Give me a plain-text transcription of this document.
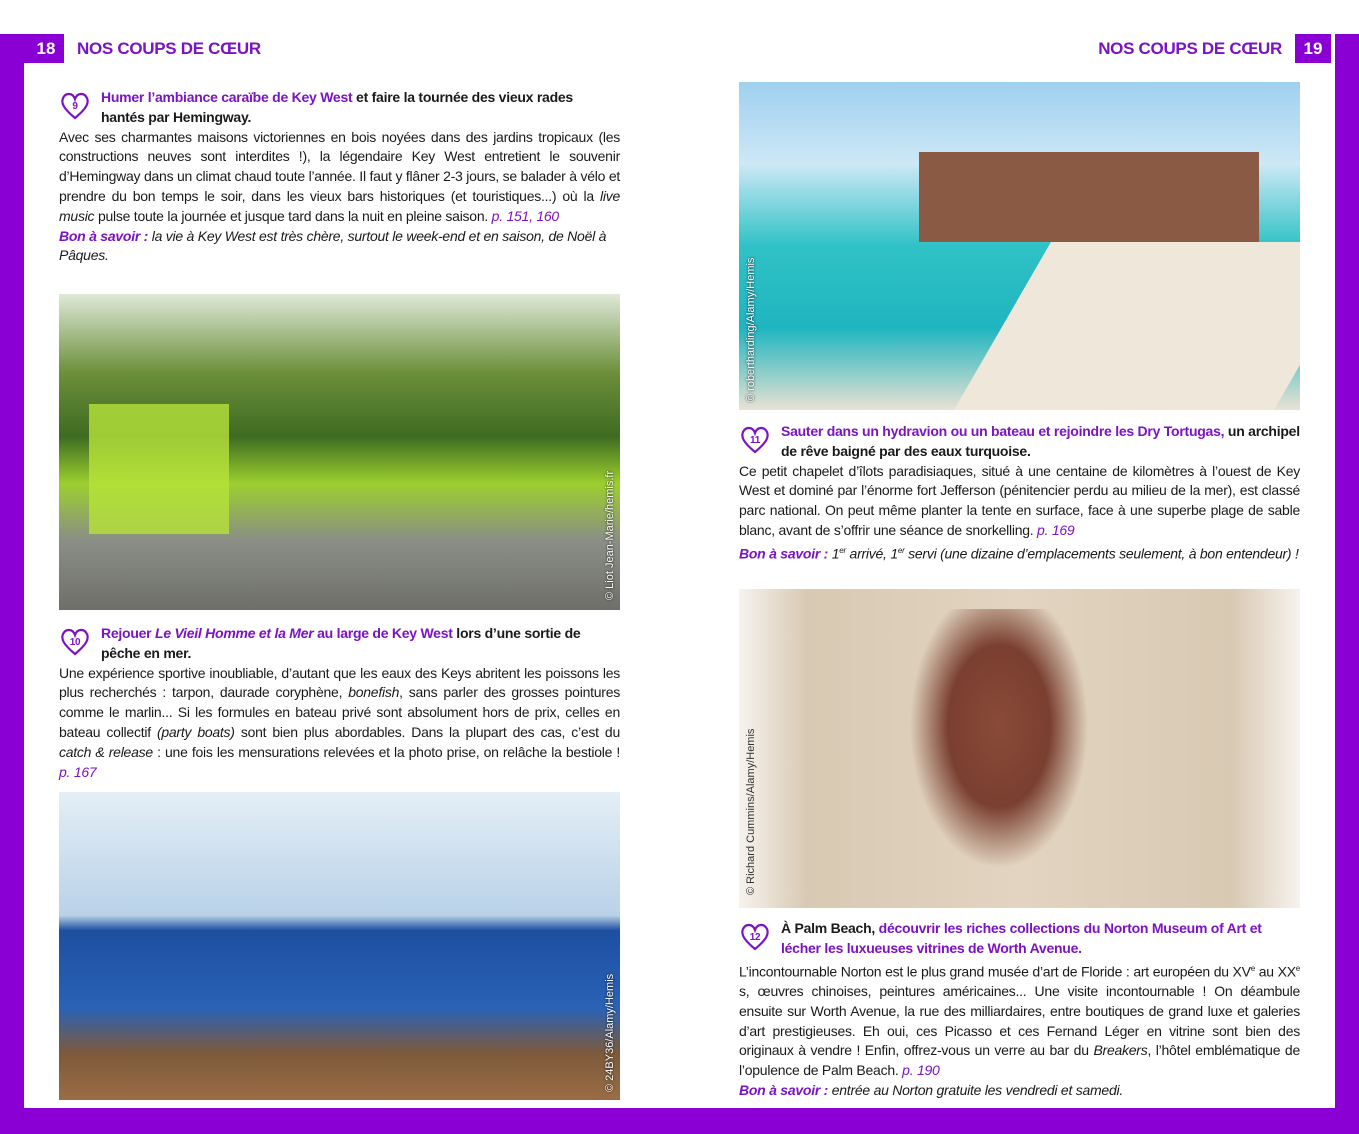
18	NOS COUPS DE CŒUR	NOS COUPS DE CŒUR	19
9
Humer l’ambiance caraïbe de Key West et faire la tournée des vieux rades hantés par Hemingway.
Avec ses charmantes maisons victoriennes en bois noyées dans des jardins tropicaux (les constructions neuves sont interdites !), la légendaire Key West entretient le souvenir d’Hemingway dans un climat chaud toute l’année. Il faut y flâner 2-3 jours, se balader à vélo et prendre du bon temps le soir, dans les vieux bars historiques (et touristiques...) où la live music pulse toute la journée et jusque tard dans la nuit en pleine saison. p. 151, 160
Bon à savoir : la vie à Key West est très chère, surtout le week-end et en saison, de Noël à Pâques.
© Liot Jean-Marie/hemis.fr
10
Rejouer Le Vieil Homme et la Mer au large de Key West lors d’une sortie de pêche en mer.
Une expérience sportive inoubliable, d’autant que les eaux des Keys abritent les poissons les plus recherchés : tarpon, daurade coryphène, bonefish, sans parler des grosses pointures comme le marlin... Si les formules en bateau privé sont absolument hors de prix, celles en bateau collectif (party boats) sont bien plus abordables. Dans la plupart des cas, c’est du catch & release : une fois les mensurations relevées et la photo prise, on relâche la bestiole ! p. 167
© 24BY36/Alamy/Hemis
© robertharding/Alamy/Hemis
11
Sauter dans un hydravion ou un bateau et rejoindre les Dry Tortugas, un archipel de rêve baigné par des eaux turquoise.
Ce petit chapelet d’îlots paradisiaques, situé à une centaine de kilomètres à l’ouest de Key West et dominé par l’énorme fort Jefferson (pénitencier perdu au milieu de la mer), est classé parc national. On peut même planter la tente en surface, face à une superbe plage de sable blanc, avant de s’offrir une séance de snorkelling. p. 169
Bon à savoir : 1er arrivé, 1er servi (une dizaine d’emplacements seulement, à bon entendeur) !
© Richard Cummins/Alamy/Hemis
12
À Palm Beach, découvrir les riches collections du Norton Museum of Art et lécher les luxueuses vitrines de Worth Avenue.
L’incontournable Norton est le plus grand musée d’art de Floride : art européen du XVe au XXe s, œuvres chinoises, peintures américaines... Une visite incontournable ! On déambule ensuite sur Worth Avenue, la rue des milliardaires, entre boutiques de grand luxe et galeries d’art prestigieuses. Eh oui, ces Picasso et ces Fernand Léger en vitrine sont bien des originaux à vendre ! Enfin, offrez-vous un verre au bar du Breakers, l’hôtel emblématique de l’opulence de Palm Beach. p. 190
Bon à savoir : entrée au Norton gratuite les vendredi et samedi.
